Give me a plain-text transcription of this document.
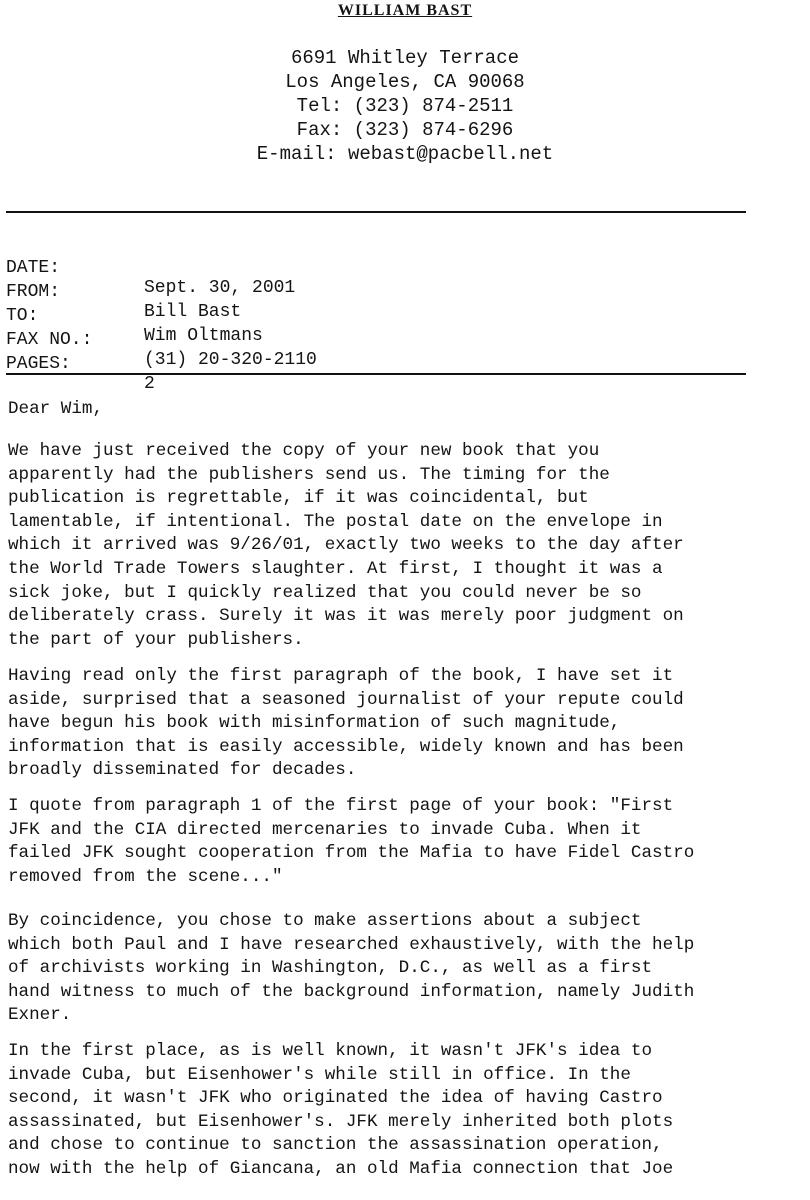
WILLIAM BAST
6691 Whitley Terrace
Los Angeles, CA 90068
Tel: (323) 874-2511
Fax: (323) 874-6296
E-mail: webast@pacbell.net

DATE:

Sept. 30, 2001

FROM:

Bill Bast

TO:

Wim Oltmans

FAX NO.:

(31) 20-320-2110

PAGES:

2

Dear Wim,
We have just received the copy of your new book that you
apparently had the publishers send us. The timing for the
publication is regrettable, if it was coincidental, but
lamentable, if intentional. The postal date on the envelope in
which it arrived was 9/26/01, exactly two weeks to the day after
the World Trade Towers slaughter. At first, I thought it was a
sick joke, but I quickly realized that you could never be so
deliberately crass. Surely it was it was merely poor judgment on
the part of your publishers.
Having read only the first paragraph of the book, I have set it
aside, surprised that a seasoned journalist of your repute could
have begun his book with misinformation of such magnitude,
information that is easily accessible, widely known and has been
broadly disseminated for decades.
I quote from paragraph 1 of the first page of your book: "First
JFK and the CIA directed mercenaries to invade Cuba. When it
failed JFK sought cooperation from the Mafia to have Fidel Castro
removed from the scene..."
By coincidence, you chose to make assertions about a subject
which both Paul and I have researched exhaustively, with the help
of archivists working in Washington, D.C., as well as a first
hand witness to much of the background information, namely Judith
Exner.
In the first place, as is well known, it wasn't JFK's idea to
invade Cuba, but Eisenhower's while still in office. In the
second, it wasn't JFK who originated the idea of having Castro
assassinated, but Eisenhower's. JFK merely inherited both plots
and chose to continue to sanction the assassination operation,
now with the help of Giancana, an old Mafia connection that Joe
